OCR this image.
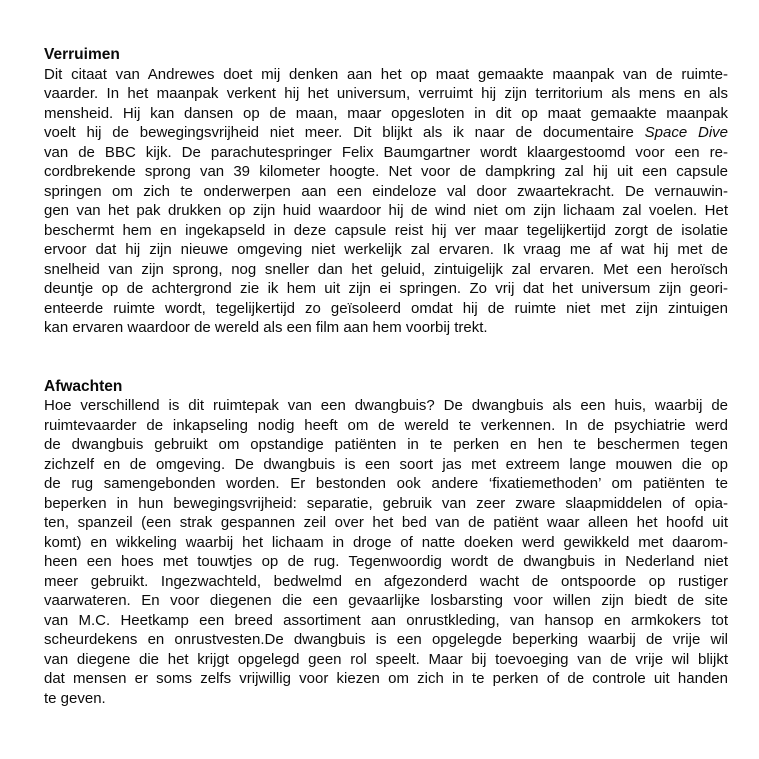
Verruimen
Dit citaat van Andrewes doet mij denken aan het op maat gemaakte maanpak van de ruimte-
vaarder. In het maanpak verkent hij het universum, verruimt hij zijn territorium als mens en als
mensheid. Hij kan dansen op de maan, maar opgesloten in dit op maat gemaakte maanpak
voelt hij de bewegingsvrijheid niet meer. Dit blijkt als ik naar de documentaire Space Dive
van de BBC kijk. De parachutespringer Felix Baumgartner wordt klaargestoomd voor een re-
cordbrekende sprong van 39 kilometer hoogte. Net voor de dampkring zal hij uit een capsule
springen om zich te onderwerpen aan een eindeloze val door zwaartekracht. De vernauwin-
gen van het pak drukken op zijn huid waardoor hij de wind niet om zijn lichaam zal voelen. Het
beschermt hem en ingekapseld in deze capsule reist hij ver maar tegelijkertijd zorgt de isolatie
ervoor dat hij zijn nieuwe omgeving niet werkelijk zal ervaren. Ik vraag me af wat hij met de
snelheid van zijn sprong, nog sneller dan het geluid, zintuigelijk zal ervaren. Met een heroïsch
deuntje op de achtergrond zie ik hem uit zijn ei springen. Zo vrij dat het universum zijn geori-
enteerde ruimte wordt, tegelijkertijd zo geïsoleerd omdat hij de ruimte niet met zijn zintuigen
kan ervaren waardoor de wereld als een film aan hem voorbij trekt.
Afwachten
Hoe verschillend is dit ruimtepak van een dwangbuis? De dwangbuis als een huis, waarbij de
ruimtevaarder de inkapseling nodig heeft om de wereld te verkennen. In de psychiatrie werd
de dwangbuis gebruikt om opstandige patiënten in te perken en hen te beschermen tegen
zichzelf en de omgeving. De dwangbuis is een soort jas met extreem lange mouwen die op
de rug samengebonden worden. Er bestonden ook andere ‘fixatiemethoden’ om patiënten te
beperken in hun bewegingsvrijheid: separatie, gebruik van zeer zware slaapmiddelen of opia-
ten, spanzeil (een strak gespannen zeil over het bed van de patiënt waar alleen het hoofd uit
komt) en wikkeling waarbij het lichaam in droge of natte doeken werd gewikkeld met daarom-
heen een hoes met touwtjes op de rug. Tegenwoordig wordt de dwangbuis in Nederland niet
meer gebruikt. Ingezwachteld, bedwelmd en afgezonderd wacht de ontspoorde op rustiger
vaarwateren. En voor diegenen die een gevaarlijke losbarsting voor willen zijn biedt de site
van M.C. Heetkamp een breed assortiment aan onrustkleding, van hansop en armkokers tot
scheurdekens en onrustvesten.De dwangbuis is een opgelegde beperking waarbij de vrije wil
van diegene die het krijgt opgelegd geen rol speelt. Maar bij toevoeging van de vrije wil blijkt
dat mensen er soms zelfs vrijwillig voor kiezen om zich in te perken of de controle uit handen
te geven.
